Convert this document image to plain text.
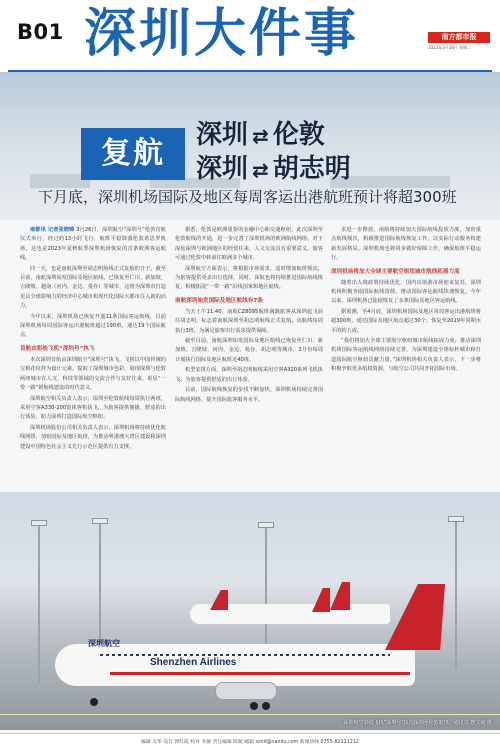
B01 深圳大件事	南方都市报
2023年3月28日 星期二
复航
深圳 ⇄ 伦敦
深圳 ⇄ 胡志明
下月底，深圳机场国际及地区每周客运出港航班预计将超300班

南都讯 记者张晓锦 3月26日，深圳航空“深圳号”伦敦首航仪式举行，经过约13小时飞行，航班平稳降落伦敦希思罗机场，这也是2023年夏秋航季深圳机场恢复的首条欧洲客运航线。

同一天，也是南航深圳至胡志明航线正式复航的日子。截至目前，南航深圳始发国际及地区航线，已恢复至仁川、新加坡、吉隆坡、越南（河内、金边、曼谷）等城市，这将为深圳市打造更具全球影响力的经济中心城市和现代化国际大都市注入新的活力。

今年以来，深圳机场已恢复开通11条国际客运航线，目前深圳机场每周国际客运出港航班超过190班，通达19个国际航点。

首航由彩绘飞机“深圳号”执飞

本次深圳首航由深圳航空“深圳号”执飞。飞机以中国传统的宝相花纹样为设计元素，提取了深圳城市色彩，展现深圳与伦敦两座城市在人文、科技等领域的交流合作与友好往来，彰显“一带一路”新航线建设的时代意义。

深圳航空相关负责人表示，深圳至伦敦航线每周执行两班，采用空客A330-200宽体客机执飞，为旅客提供便捷、舒适的出行体验，助力深圳打造国际航空枢纽。

深圳机场股份公司相关负责人表示，深圳机场将持续优化航线网络，加密国际及地区航班，为推动粤港澳大湾区建设和深圳建设中国特色社会主义先行示范区提供有力支撑。

据悉，伦敦是欧洲重要的金融中心和交通枢纽。此次深圳至伦敦航线的开通，进一步完善了深圳机场的欧洲航线网络，对于深化深圳与欧洲地区的经贸往来、人文交流具有重要意义。旅客可通过伦敦中转前往欧洲多个城市。

深圳航空方面表示，将根据市场需求，适时增加航班频次，为旅客提供更多出行选择。同时，深航也将持续推进国际航线恢复，积极拓展“一带一路”沿线国家和地区航线。

南航深圳始发国际及地区航线有7条

当天上午11:40，南航CZ8095航班满载旅客从深圳起飞前往胡志明，标志着南航深圳至胡志明航线正式复航。该航线每周执行3班，为满足旅客出行需求提供保障。

截至目前，南航深圳始发国际及地区航线已恢复至仁川、新加坡、吉隆坡、河内、金边、曼谷、胡志明等城市，3月份每周计划执行国际及地区航班近40班。

机型安排方面，深圳至胡志明航线采用空客A320系列飞机执飞，为旅客提供舒适的出行体验。

目前，国际航线恢复的步伐不断加快，深圳机场持续完善国际航线网络，提升国际旅客服务水平。

求进一步释放，南航将持续加大国际航线投放力度，加密重点航线频次，积极推进国际航线恢复工作，以实际行动服务构建新发展格局。深圳机场也将同步做好保障工作，确保航班平稳运行。

深圳机场将加大全球主要航空枢纽城市航线拓展力度

随着出入境政策持续优化，国内出境游市场迎来复苏，深圳机场积极争取国际航线资源，推动国际客运航线快速恢复。今年以来，深圳机场已陆续恢复了多条国际及地区客运航线。

据预测，至4月底，深圳机场国际及地区每周客运出港航班将超300班，通达国际及地区航点超过30个，恢复至2019年同期水平的约五成。

“我们将加大全球主要航空枢纽城市航线拓展力度，推动深圳机场国际客运航线网络持续完善，为深圳建设全球标杆城市和打造国际航空枢纽贡献力量。”深圳机场相关负责人表示，下一步将积极争取更多航权资源，与航空公司共同开拓国际市场。

深圳航空
Shenzhen Airlines
深圳航空彩绘飞机“深圳号”执行深圳至伦敦航班。通讯员 曾文铭 摄
编辑 吴华 设计 郭红霞 校对 李静 责任编辑 陈航 邮箱 sznd@nandu.com 新闻热线 0755-82121212
